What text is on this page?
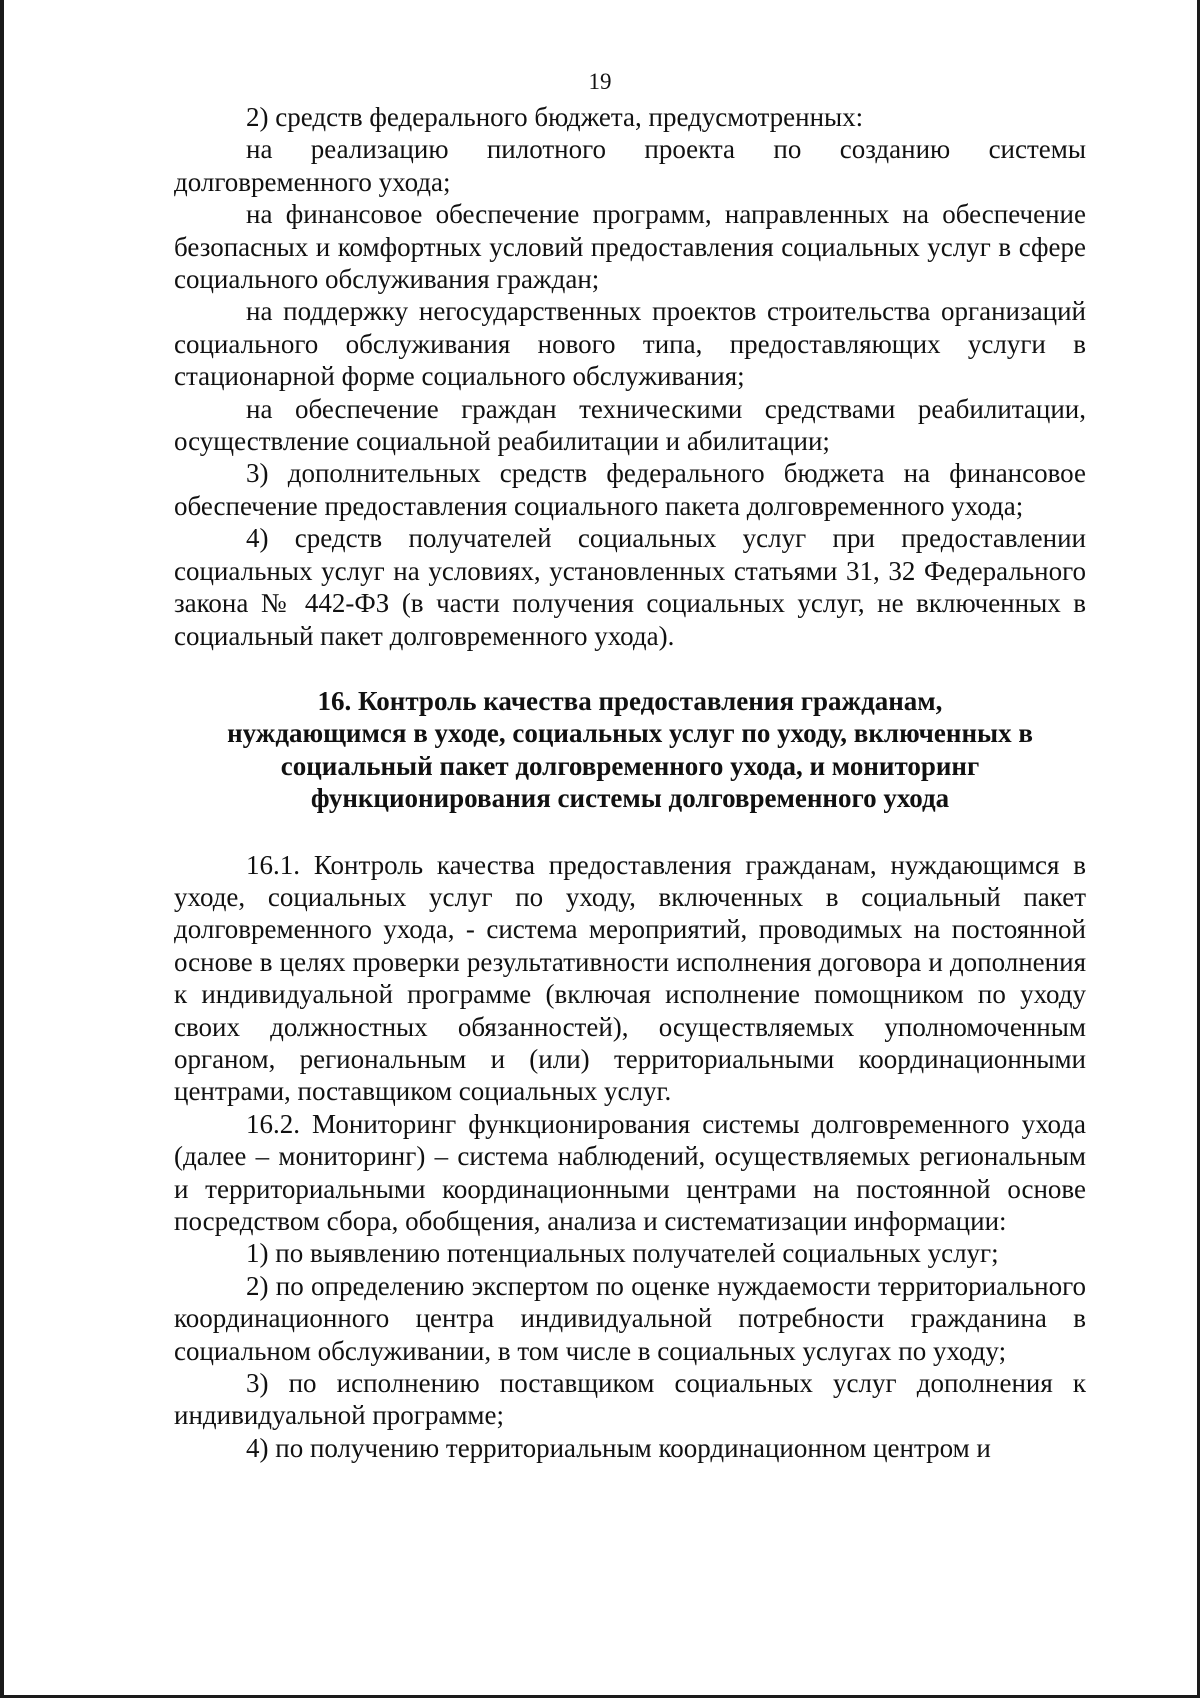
19

2) средств федерального бюджета, предусмотренных:

на реализацию пилотного проекта по созданию системы долговременного ухода;

на финансовое обеспечение программ, направленных на обеспечение безопасных и комфортных условий предоставления социальных услуг в сфере социального обслуживания граждан;

на поддержку негосударственных проектов строительства организаций социального обслуживания нового типа, предоставляющих услуги в стационарной форме социального обслуживания;

на обеспечение граждан техническими средствами реабилитации, осуществление социальной реабилитации и абилитации;

3) дополнительных средств федерального бюджета на финансовое обеспечение предоставления социального пакета долговременного ухода;

4) средств получателей социальных услуг при предоставлении социальных услуг на условиях, установленных статьями 31, 32 Федерального закона № 442-ФЗ (в части получения социальных услуг, не включенных в социальный пакет долговременного ухода).

16. Контроль качества предоставления гражданам,
нуждающимся в уходе, социальных услуг по уходу, включенных в
социальный пакет долговременного ухода, и мониторинг
функционирования системы долговременного ухода

16.1. Контроль качества предоставления гражданам, нуждающимся в уходе, социальных услуг по уходу, включенных в социальный пакет долговременного ухода, - система мероприятий, проводимых на постоянной основе в целях проверки результативности исполнения договора и дополнения к индивидуальной программе (включая исполнение помощником по уходу своих должностных обязанностей), осуществляемых уполномоченным органом, региональным и (или) территориальными координационными центрами, поставщиком социальных услуг.

16.2. Мониторинг функционирования системы долговременного ухода (далее – мониторинг) – система наблюдений, осуществляемых региональным и территориальными координационными центрами на постоянной основе посредством сбора, обобщения, анализа и систематизации информации:

1) по выявлению потенциальных получателей социальных услуг;

2) по определению экспертом по оценке нуждаемости территориального координационного центра индивидуальной потребности гражданина в социальном обслуживании, в том числе в социальных услугах по уходу;

3) по исполнению поставщиком социальных услуг дополнения к индивидуальной программе;

4) по получению территориальным координационном центром и
